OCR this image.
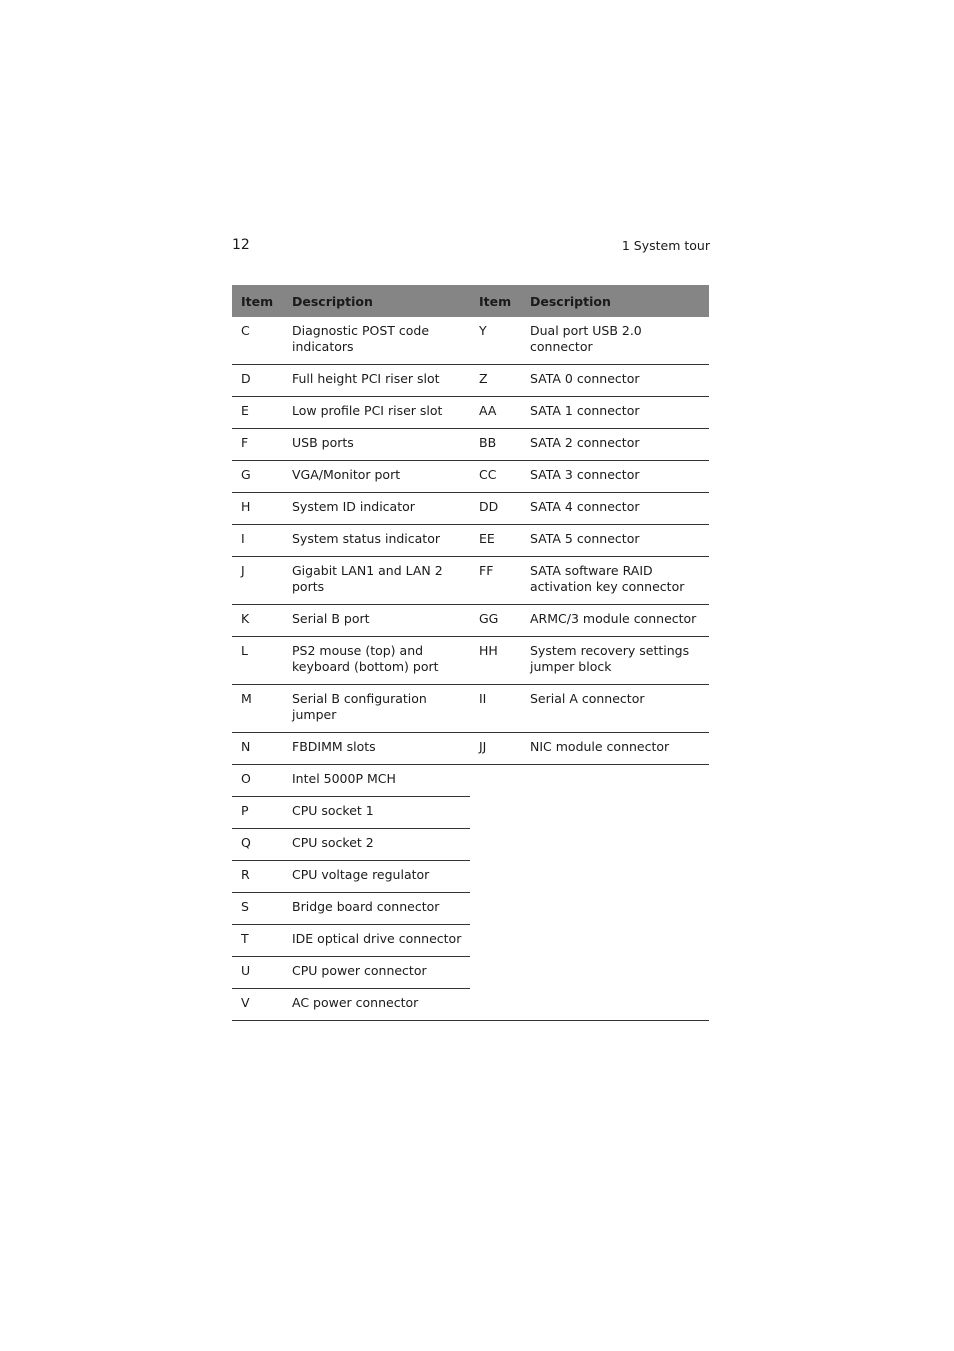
12	1 System tour
Item	Description	Item	Description
C	Diagnostic POST code indicators	Y	Dual port USB 2.0 connector
D	Full height PCI riser slot	Z	SATA 0 connector
E	Low profile PCI riser slot	AA	SATA 1 connector
F	USB ports	BB	SATA 2 connector
G	VGA/Monitor port	CC	SATA 3 connector
H	System ID indicator	DD	SATA 4 connector
I	System status indicator	EE	SATA 5 connector
J	Gigabit LAN1 and LAN 2 ports	FF	SATA software RAID activation key connector
K	Serial B port	GG	ARMC/3 module connector
L	PS2 mouse (top) and keyboard (bottom) port	HH	System recovery settings jumper block
M	Serial B configuration jumper	II	Serial A connector
N	FBDIMM slots	JJ	NIC module connector
O	Intel 5000P MCH		
P	CPU socket 1		
Q	CPU socket 2		
R	CPU voltage regulator		
S	Bridge board connector		
T	IDE optical drive connector		
U	CPU power connector		
V	AC power connector		
